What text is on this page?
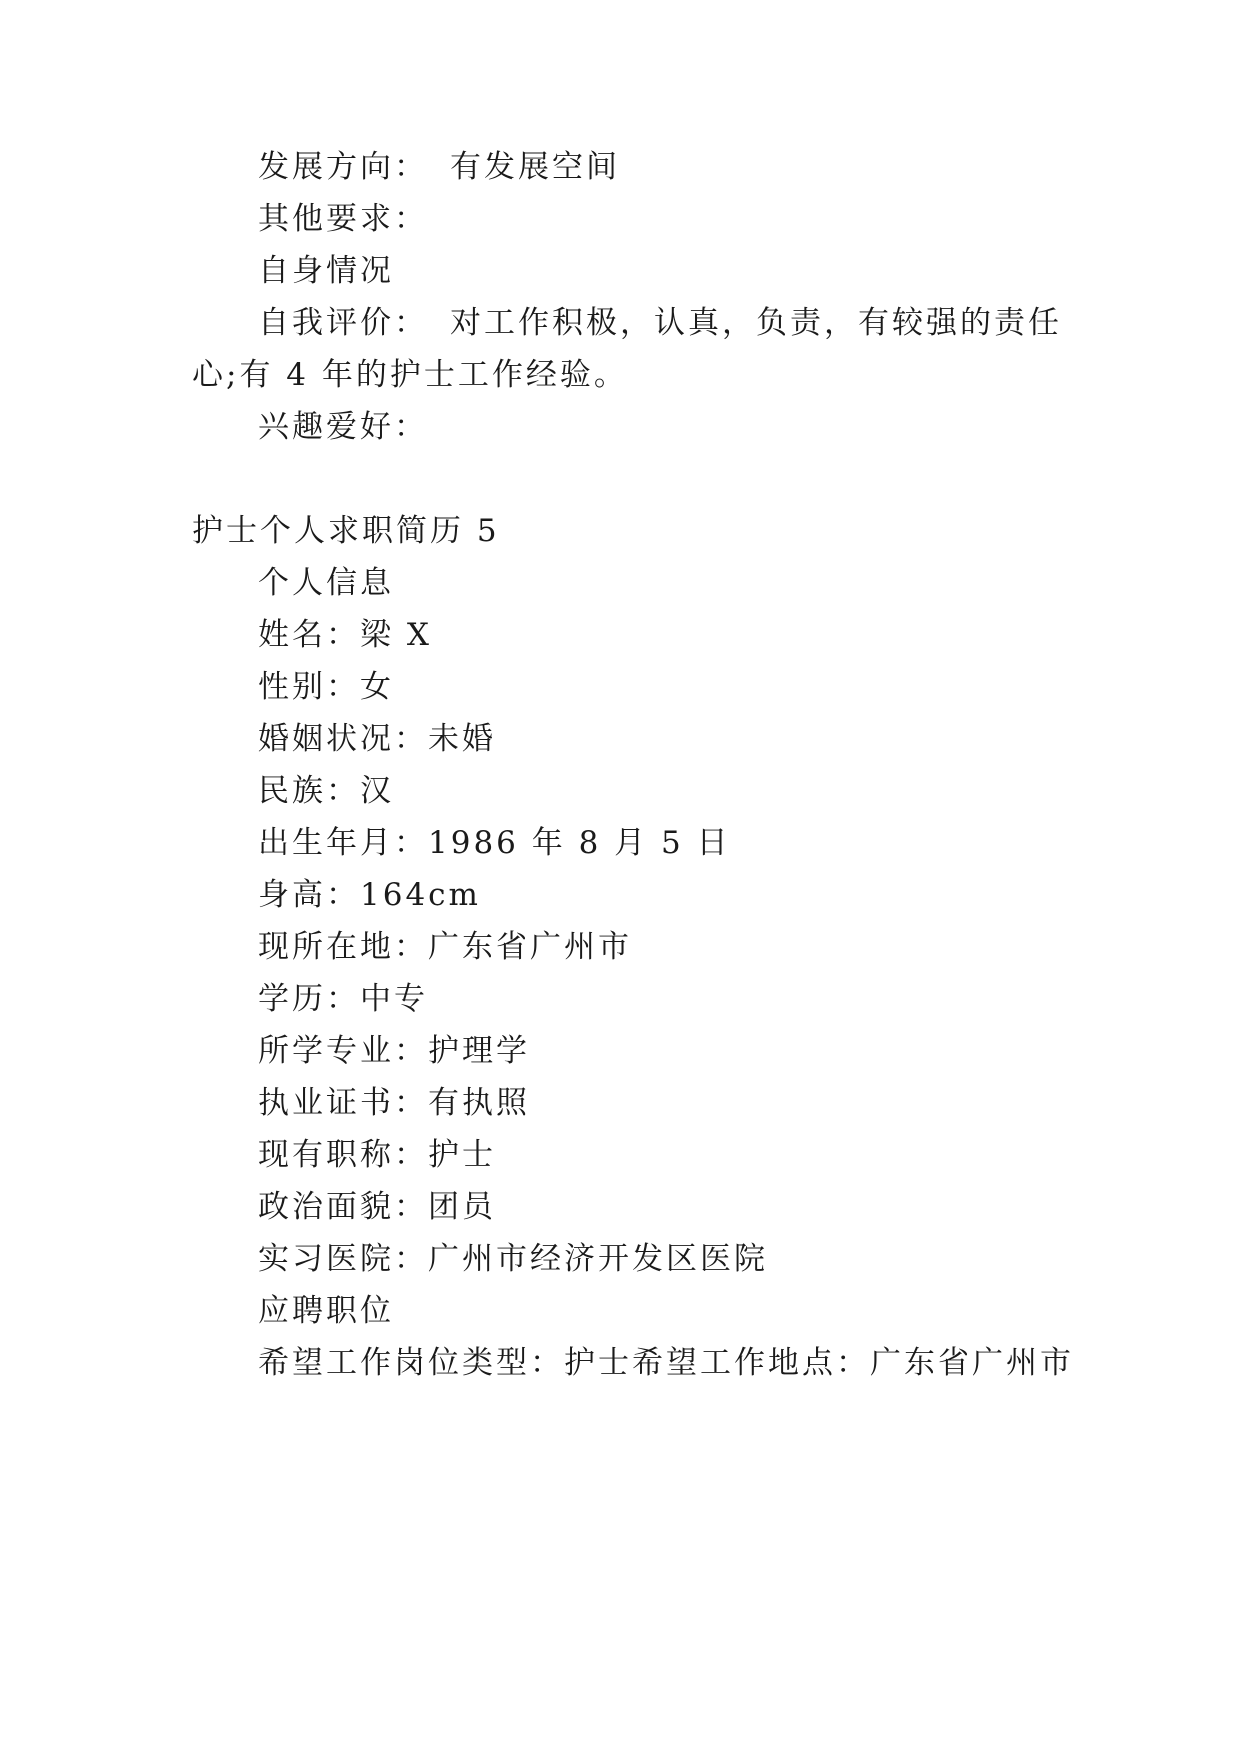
发展方向： 有发展空间
其他要求：
自身情况
自我评价： 对工作积极，认真，负责，有较强的责任
心;有 4 年的护士工作经验。
兴趣爱好：
护士个人求职简历 5
个人信息
姓名：梁 X
性别：女
婚姻状况：未婚
民族：汉
出生年月：1986 年 8 月 5 日
身高：164cm
现所在地：广东省广州市
学历：中专
所学专业：护理学
执业证书：有执照
现有职称：护士
政治面貌：团员
实习医院：广州市经济开发区医院
应聘职位
希望工作岗位类型：护士希望工作地点：广东省广州市
